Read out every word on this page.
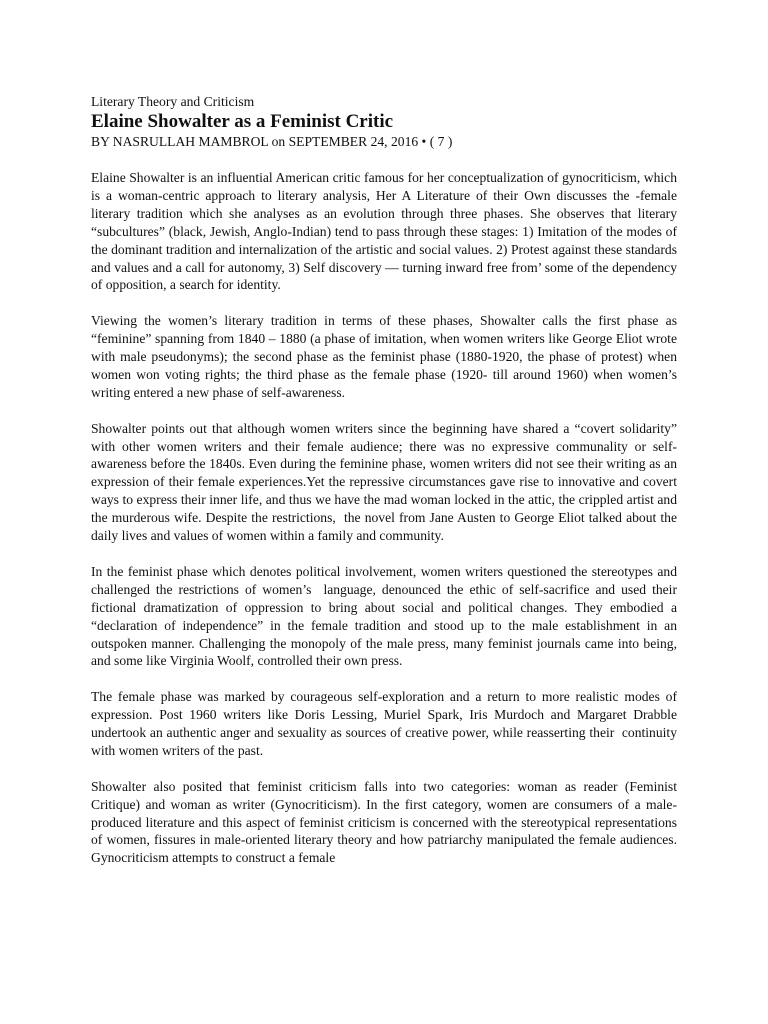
Literary Theory and Criticism

Elaine Showalter as a Feminist Critic

BY NASRULLAH MAMBROL on SEPTEMBER 24, 2016 • ( 7 )

Elaine Showalter is an influential American critic famous for her conceptualization of gynocriticism, which is a woman-centric approach to literary analysis, Her A Literature of their Own discusses the -female literary tradition which she analyses as an evolution through three phases. She observes that literary “subcultures” (black, Jewish, Anglo-Indian) tend to pass through these stages: 1) Imitation of the modes of the dominant tradition and internalization of the artistic and social values. 2) Protest against these standards and values and a call for autonomy, 3) Self discovery — turning inward free from’ some of the dependency of opposition, a search for identity.

Viewing the women’s literary tradition in terms of these phases, Showalter calls the first phase as “feminine” spanning from 1840 – 1880 (a phase of imitation, when women writers like George Eliot wrote with male pseudonyms); the second phase as the feminist phase (1880-1920, the phase of protest) when women won voting rights; the third phase as the female phase (1920- till around 1960) when women’s  writing entered a new phase of self-awareness.

Showalter points out that although women writers since the beginning have shared a “covert solidarity” with other women writers and their female audience; there was no expressive communality or self-awareness before the 1840s. Even during the feminine phase, women writers did not see their writing as an expression of their female experiences.Yet the repressive circumstances gave rise to innovative and covert ways to express their inner life, and thus we have the mad woman locked in the attic, the crippled artist and the murderous wife. Despite the restrictions,  the novel from Jane Austen to George Eliot talked about the daily lives and values of women within a family and community.

In the feminist phase which denotes political involvement, women writers questioned the stereotypes and challenged the restrictions of women’s  language, denounced the ethic of self-sacrifice and used their fictional dramatization of oppression to bring about social and political changes. They embodied a “declaration of independence” in the female tradition and stood up to the male establishment in an outspoken manner. Challenging the monopoly of the male press, many feminist journals came into being, and some like Virginia Woolf, controlled their own press.

The female phase was marked by courageous self-exploration and a return to more realistic modes of expression. Post 1960 writers like Doris Lessing, Muriel Spark, Iris Murdoch and Margaret Drabble undertook an authentic anger and sexuality as sources of creative power, while reasserting their  continuity with women writers of the past.

Showalter also posited that feminist criticism falls into two categories: woman as reader (Feminist Critique) and woman as writer (Gynocriticism). In the first category, women are consumers of a male-produced literature and this aspect of feminist criticism is concerned with the stereotypical representations of women, fissures in male-oriented literary theory and how patriarchy manipulated the female audiences. Gynocriticism attempts to construct a female
